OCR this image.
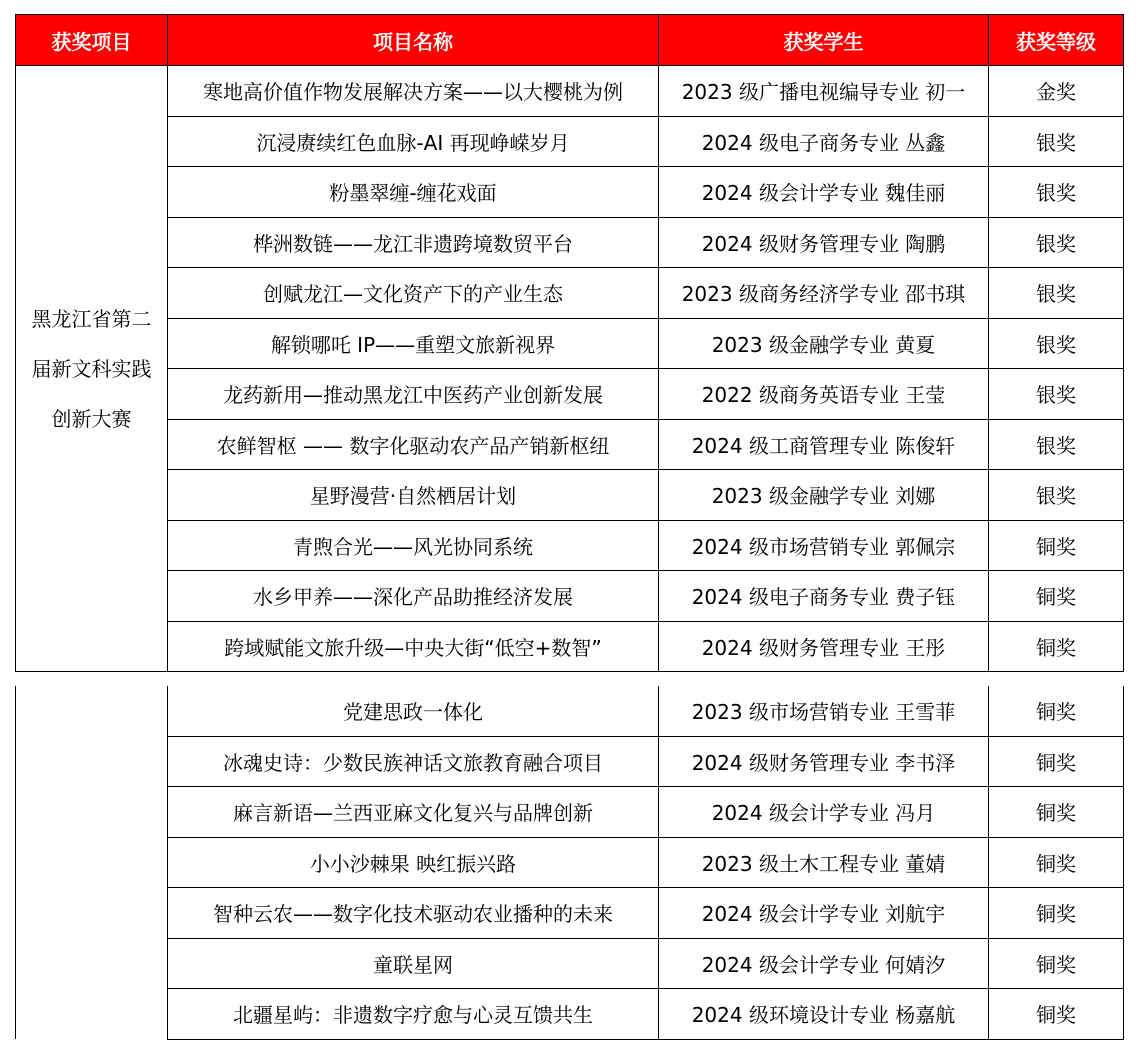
获奖项目	项目名称	获奖学生	获奖等级
黑龙江省第二届新文科实践创新大赛	寒地高价值作物发展解决方案——以大樱桃为例	2023 级广播电视编导专业 初一	金奖
	沉浸赓续红色血脉-AI 再现峥嵘岁月	2024 级电子商务专业 丛鑫	银奖
	粉墨翠缠-缠花戏面	2024 级会计学专业 魏佳丽	银奖
	桦洲数链——龙江非遗跨境数贸平台	2024 级财务管理专业 陶鹏	银奖
	创赋龙江—文化资产下的产业生态	2023 级商务经济学专业 邵书琪	银奖
	解锁哪吒 IP——重塑文旅新视界	2023 级金融学专业 黄夏	银奖
	龙药新用—推动黑龙江中医药产业创新发展	2022 级商务英语专业 王莹	银奖
	农鲜智枢 —— 数字化驱动农产品产销新枢纽	2024 级工商管理专业 陈俊轩	银奖
	星野漫营·自然栖居计划	2023 级金融学专业 刘娜	银奖
	青煦合光——风光协同系统	2024 级市场营销专业 郭佩宗	铜奖
	水乡甲养——深化产品助推经济发展	2024 级电子商务专业 费子钰	铜奖
	跨域赋能文旅升级—中央大街“低空+数智”	2024 级财务管理专业 王彤	铜奖
	党建思政一体化	2023 级市场营销专业 王雪菲	铜奖
	冰魂史诗：少数民族神话文旅教育融合项目	2024 级财务管理专业 李书泽	铜奖
	麻言新语—兰西亚麻文化复兴与品牌创新	2024 级会计学专业 冯月	铜奖
	小小沙棘果 映红振兴路	2023 级土木工程专业 董婧	铜奖
	智种云农——数字化技术驱动农业播种的未来	2024 级会计学专业 刘航宇	铜奖
	童联星网	2024 级会计学专业 何婧汐	铜奖
	北疆星屿：非遗数字疗愈与心灵互馈共生	2024 级环境设计专业 杨嘉航	铜奖
